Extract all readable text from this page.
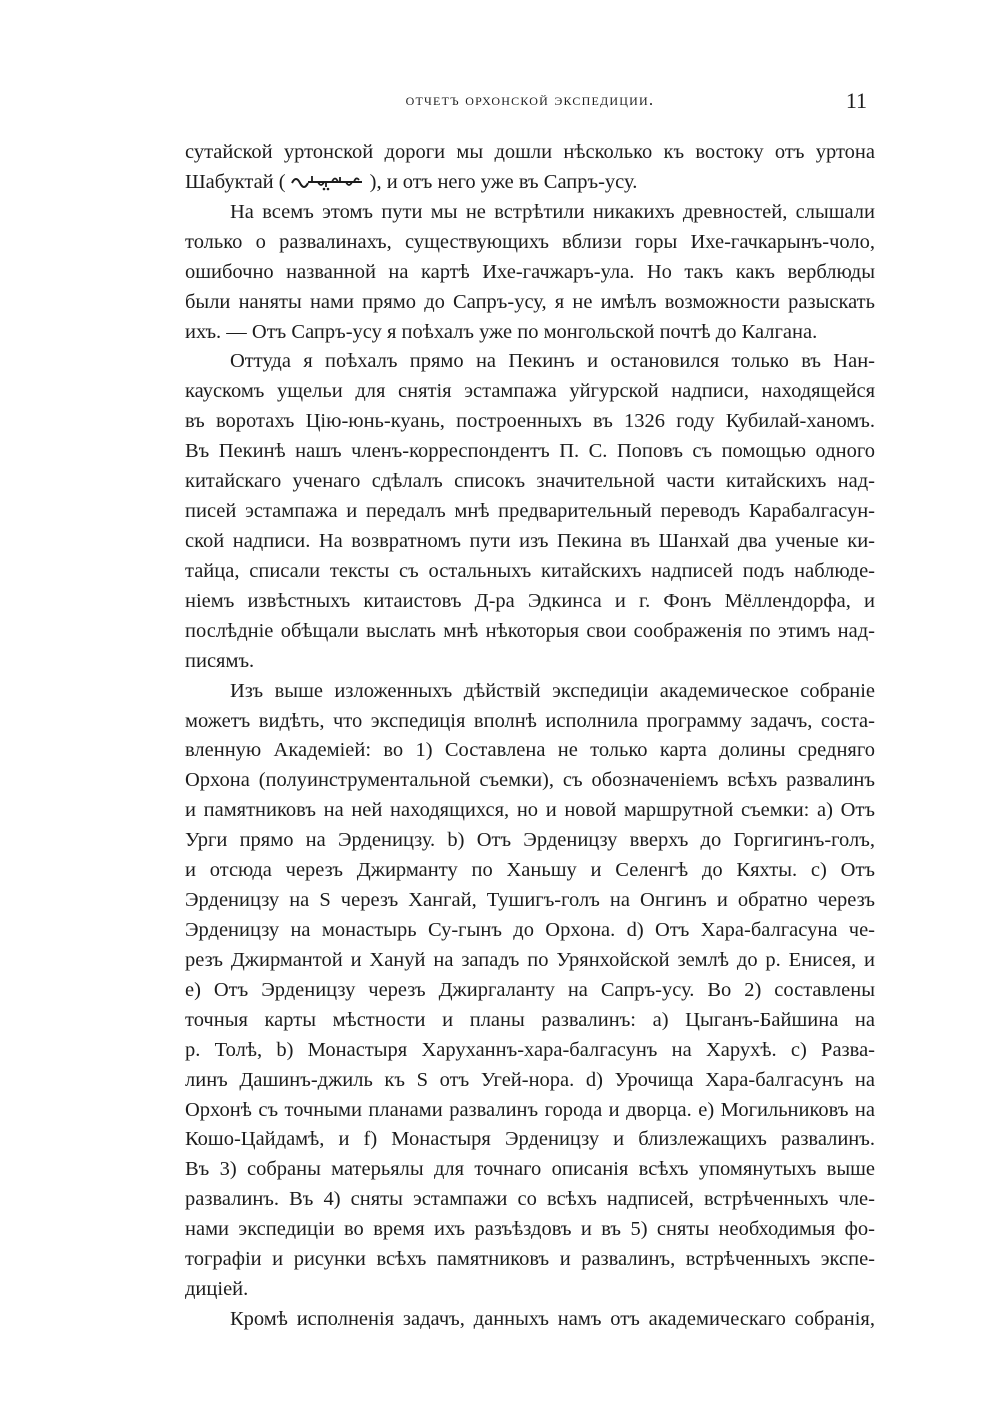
отчетъ орхонской экспедиции.	11
сутайской уртонской дороги мы дошли нѣсколько къ востоку отъ уртона
Шабуктай (	), и отъ него уже въ Сапръ-усу.
На всемъ этомъ пути мы не встрѣтили никакихъ древностей, слышали
только о развалинахъ, существующихъ вблизи горы Ихе-гачкарынъ-чоло,
ошибочно названной на картѣ Ихе-гачжаръ-ула. Но такъ какъ верблюды
были наняты нами прямо до Сапръ-усу, я не имѣлъ возможности разыскать
ихъ. — Отъ Сапръ-усу я поѣхалъ уже по монгольской почтѣ до Калгана.
Оттуда я поѣхалъ прямо на Пекинъ и остановился только въ Нан-
каускомъ ущельи для снятія эстампажа уйгурской надписи, находящейся
въ воротахъ Цію-юнь-куань, построенныхъ въ 1326 году Кубилай-ханомъ.
Въ Пекинѣ нашъ членъ-корреспондентъ П. С. Поповъ съ помощью одного
китайскаго ученаго сдѣлалъ списокъ значительной части китайскихъ над-
писей эстампажа и передалъ мнѣ предварительный переводъ Карабалгасун-
ской надписи. На возвратномъ пути изъ Пекина въ Шанхай два ученые ки-
тайца, списали тексты съ остальныхъ китайскихъ надписей подъ наблюде-
ніемъ извѣстныхъ китаистовъ Д-ра Эдкинса и г. Фонъ Мёллендорфа, и
послѣдніе обѣщали выслать мнѣ нѣкоторыя свои соображенія по этимъ над-
писямъ.
Изъ выше изложенныхъ дѣйствій экспедиціи академическое собраніе
можетъ видѣть, что экспедиція вполнѣ исполнила программу задачъ, соста-
вленную Академіей: во 1) Составлена не только карта долины средняго
Орхона (полуинструментальной съемки), съ обозначеніемъ всѣхъ развалинъ
и памятниковъ на ней находящихся, но и новой маршрутной съемки: а) Отъ
Урги прямо на Эрденицзу. b) Отъ Эрденицзу вверхъ до Горгигинъ-голъ,
и отсюда черезъ Джирманту по Ханьшу и Селенгѣ до Кяхты. c) Отъ
Эрденицзу на S черезъ Хангай, Тушигъ-голъ на Онгинъ и обратно черезъ
Эрденицзу на монастырь Су-гынъ до Орхона. d) Отъ Хара-балгасуна че-
резъ Джирмантой и Хануй на западъ по Урянхойской землѣ до р. Енисея, и
е) Отъ Эрденицзу черезъ Джиргаланту на Сапръ-усу. Во 2) составлены
точныя карты мѣстности и планы развалинъ: а) Цыганъ-Байшина на
р. Толѣ, b) Монастыря Харуханнъ-хара-балгасунъ на Харухѣ. с) Разва-
линъ Дашинъ-джиль къ S отъ Угей-нора. d) Урочища Хара-балгасунъ на
Орхонѣ съ точными планами развалинъ города и дворца. е) Могильниковъ на
Кошо-Цайдамѣ, и f) Монастыря Эрденицзу и близлежащихъ развалинъ.
Въ 3) собраны матерьялы для точнаго описанія всѣхъ упомянутыхъ выше
развалинъ. Въ 4) сняты эстампажи со всѣхъ надписей, встрѣченныхъ чле-
нами экспедиціи во время ихъ разъѣздовъ и въ 5) сняты необходимыя фо-
тографіи и рисунки всѣхъ памятниковъ и развалинъ, встрѣченныхъ экспе-
диціей.
Кромѣ исполненія задачъ, данныхъ намъ отъ академическаго собранія,
